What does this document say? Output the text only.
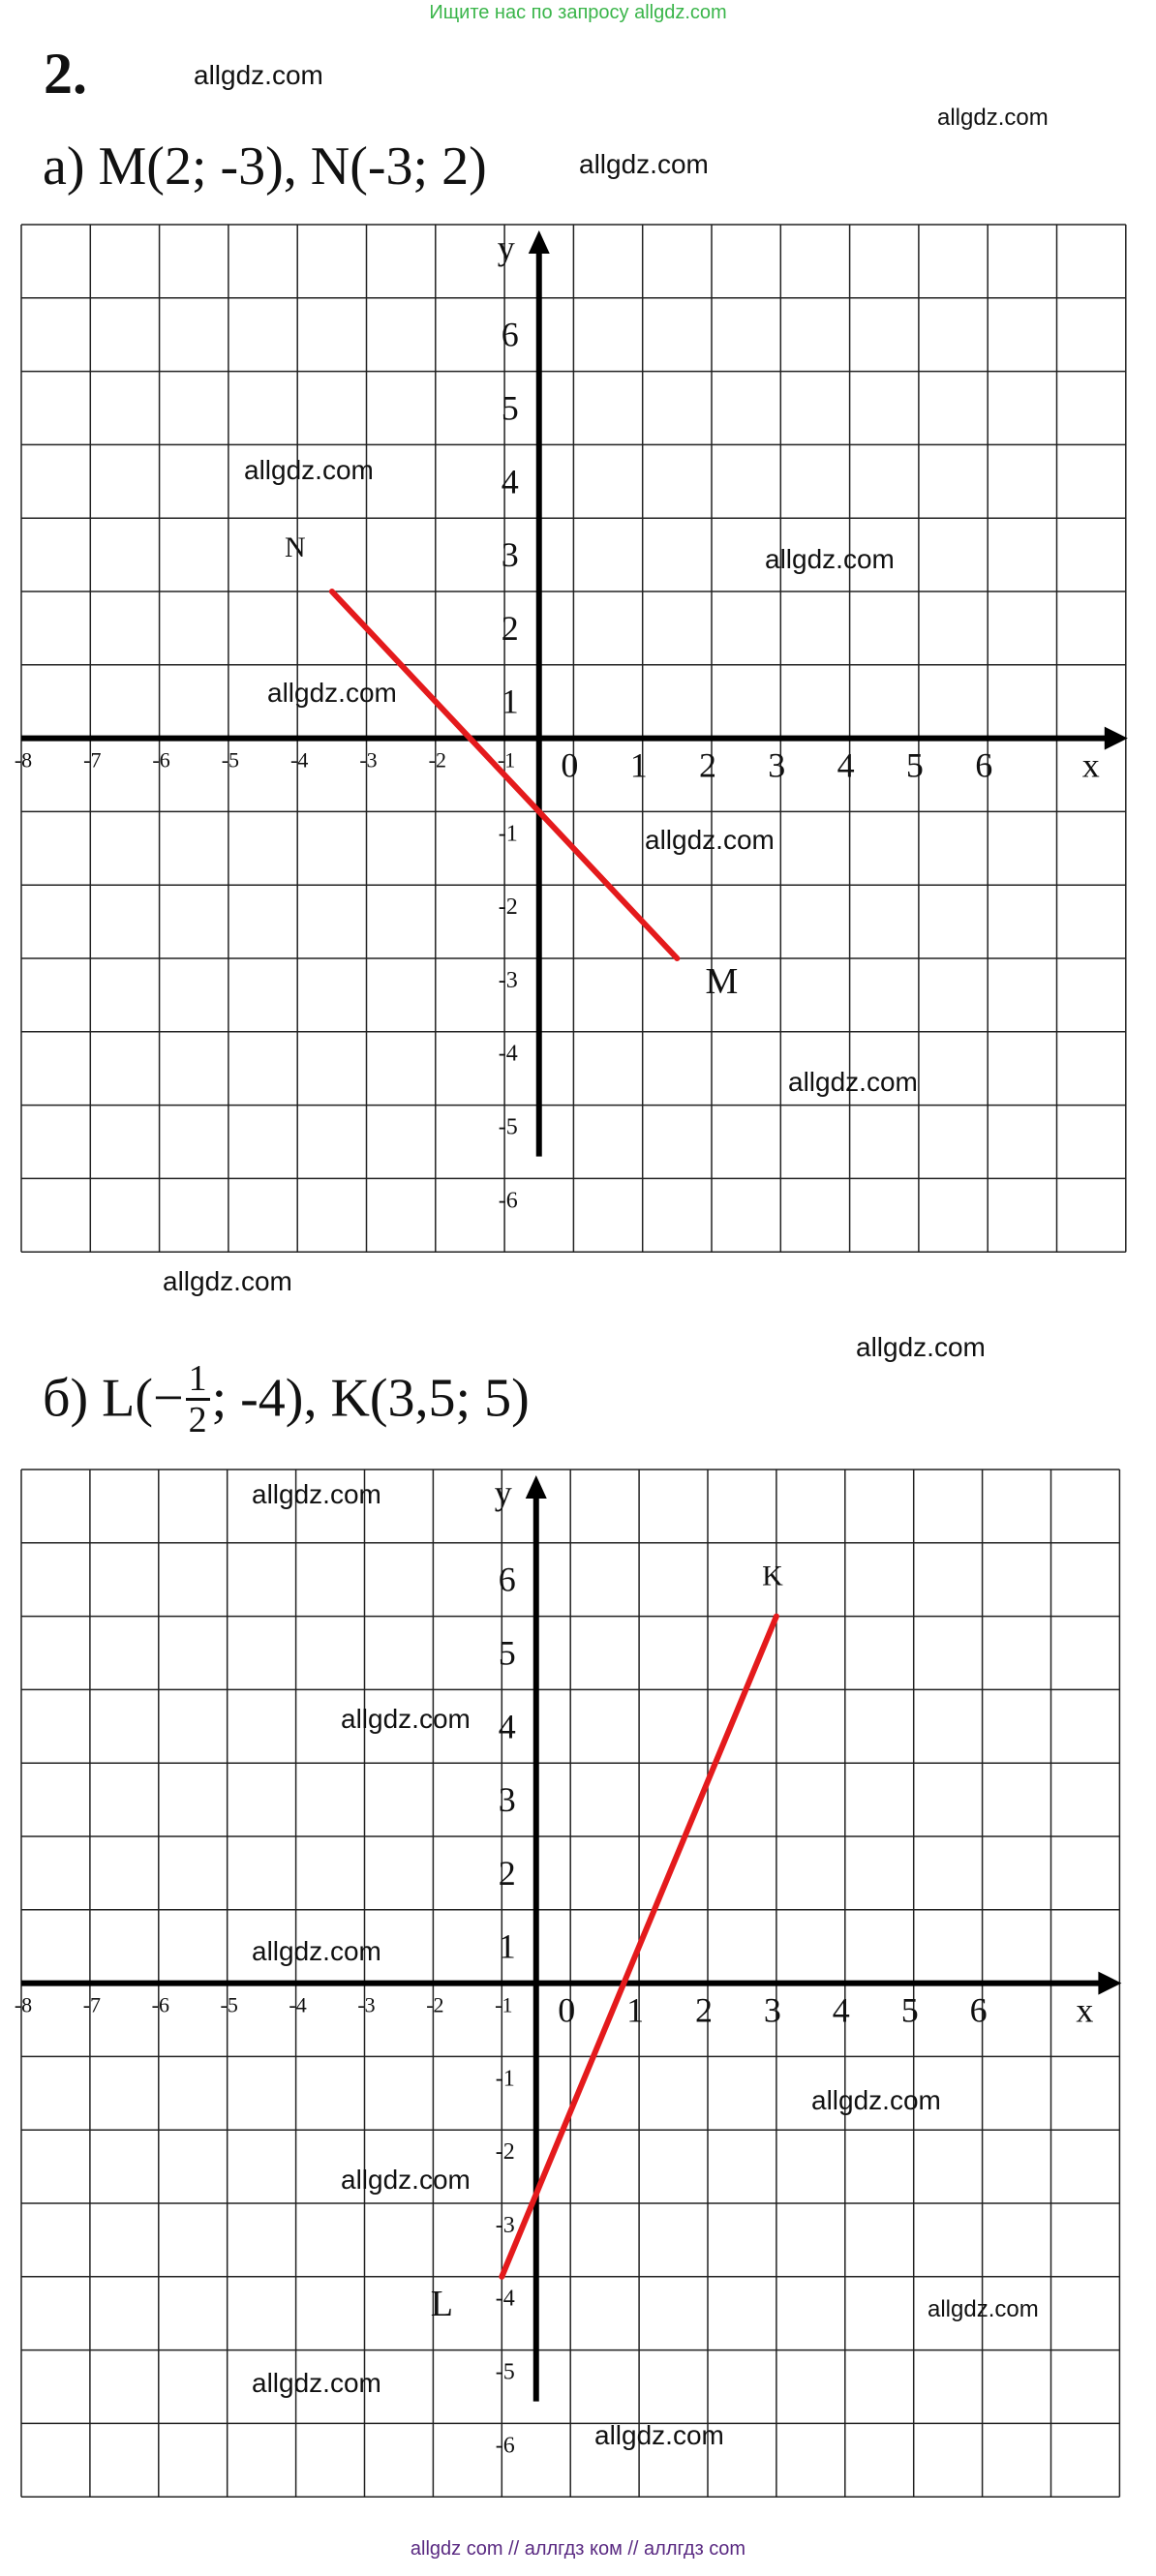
Ищите нас по запросу allgdz.com
2.
а) M(2; -3), N(-3; 2)
-8 -7 -6 -5 -4 -3 -2 -1 0 1 2 3 4 5 6	x
6
5
4
3
2
1
-1
-2
-3
-4
-5
-6
y
M
N
б) $L(- \frac{1}{2}$ ; -4), K(3,5; 5)
-8 -7 -6 -5 -4 -3 -2 -1 0 1 2 3 4 5 6	x
6
5
4
3
2
1
-1
-2
-3
-4
-5
-6
y
L
K
allgdz.com
allgdz.com
allgdz.com
allgdz.com
allgdz.com
allgdz.com
allgdz.com
allgdz.com
allgdz.com
allgdz.com
allgdz.com
allgdz.com
allgdz.com
allgdz.com
allgdz.com
allgdz.com
allgdz.com
allgdz.com
allgdz com // аллгдз ком // аллгдз com
